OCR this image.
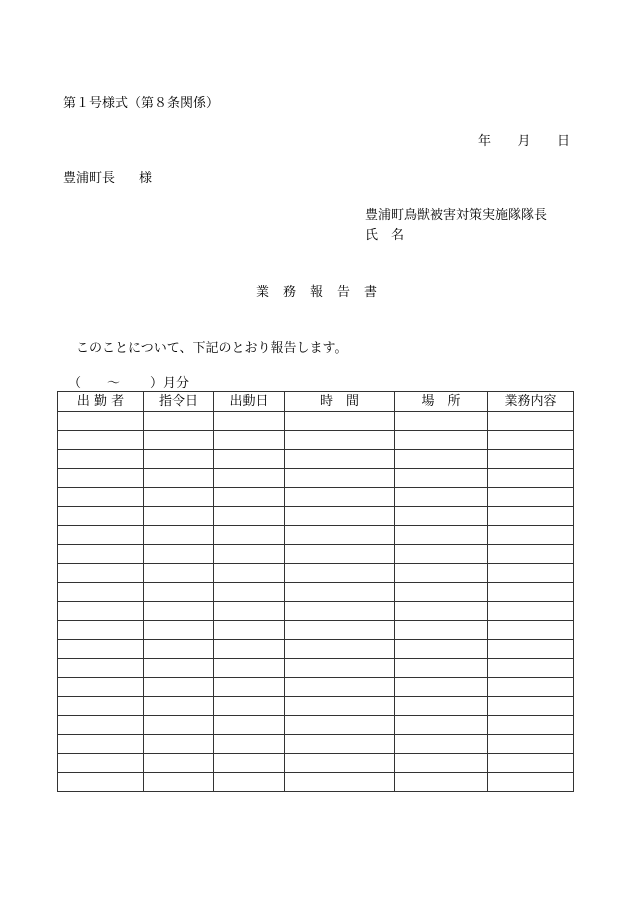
第１号様式（第８条関係）
年 月 日
豊浦町長 様
豊浦町鳥獣被害対策実施隊隊長
氏　名
業務報告書
このことについて、下記のとおり報告します。
（ ～ ）月分
出 勤 者	指令日	出動日	時　間	場　所	業務内容
